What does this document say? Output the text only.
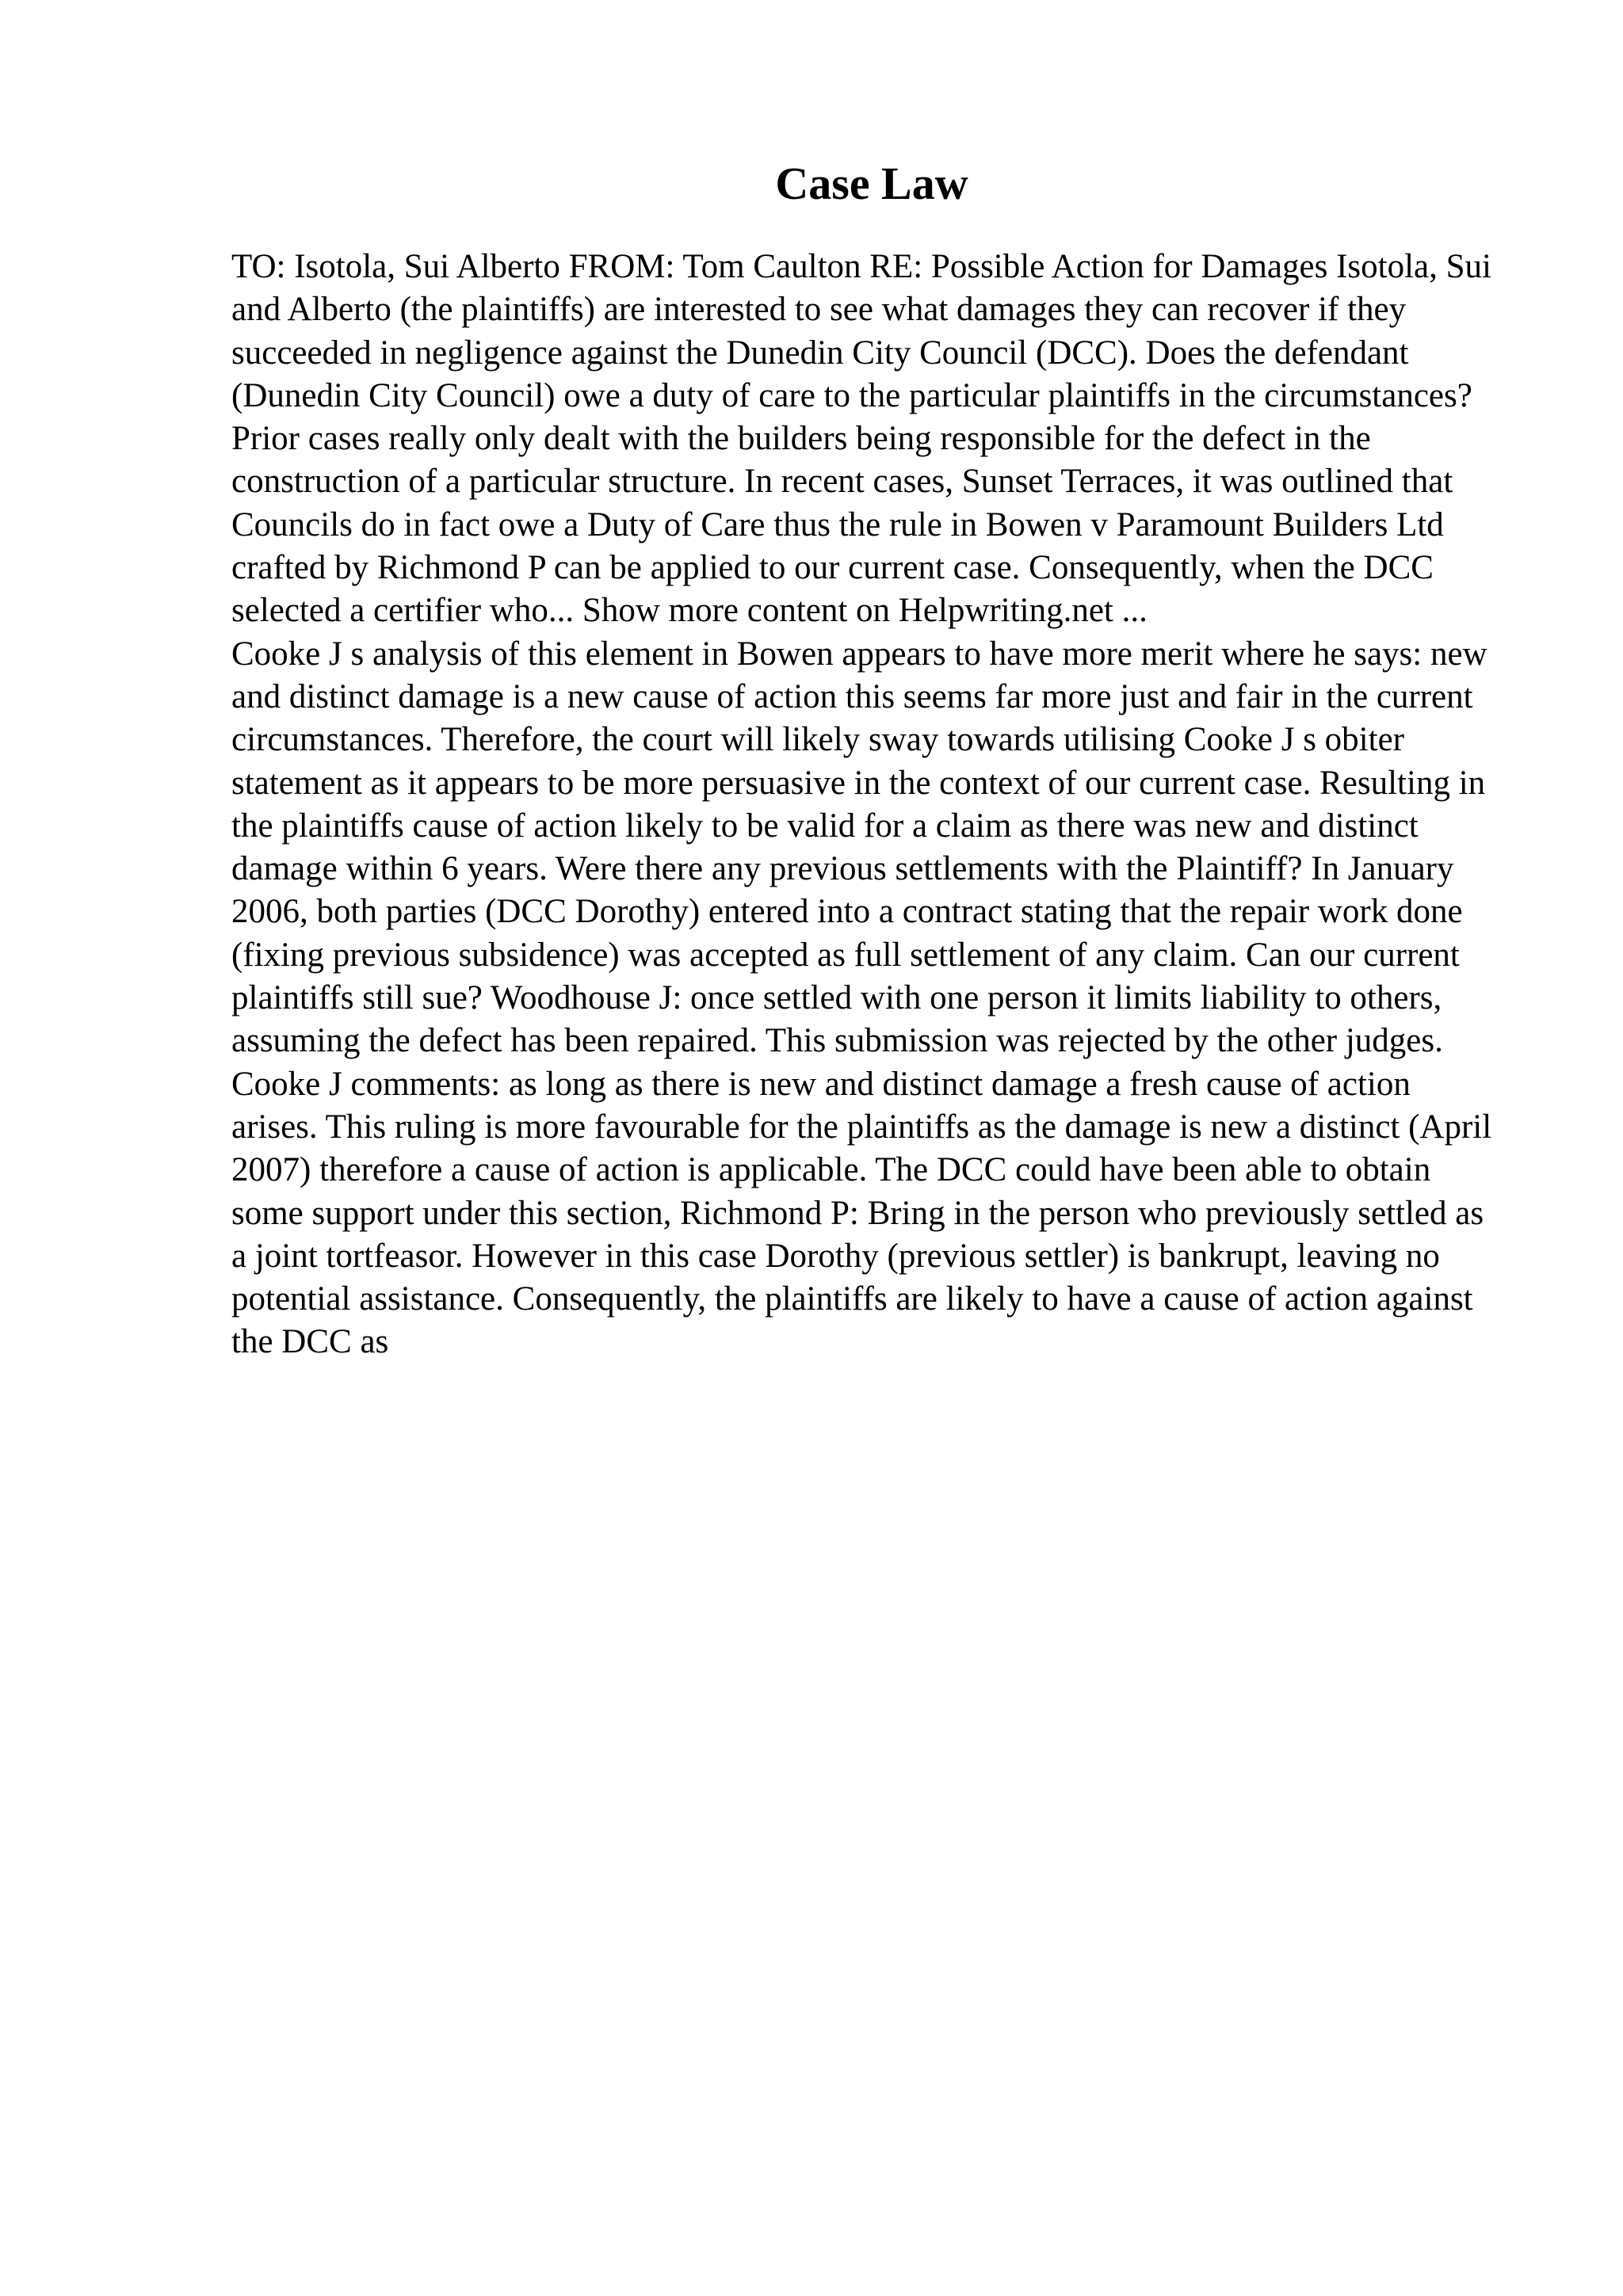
Case Law

TO: Isotola, Sui Alberto FROM: Tom Caulton RE: Possible Action for Damages Isotola, Sui and Alberto (the plaintiffs) are interested to see what damages they can recover if they succeeded in negligence against the Dunedin City Council (DCC). Does the defendant (Dunedin City Council) owe a duty of care to the particular plaintiffs in the circumstances? Prior cases really only dealt with the builders being responsible for the defect in the construction of a particular structure. In recent cases, Sunset Terraces, it was outlined that Councils do in fact owe a Duty of Care thus the rule in Bowen v Paramount Builders Ltd crafted by Richmond P can be applied to our current case. Consequently, when the DCC selected a certifier who... Show more content on Helpwriting.net ...

Cooke J s analysis of this element in Bowen appears to have more merit where he says: new and distinct damage is a new cause of action this seems far more just and fair in the current circumstances. Therefore, the court will likely sway towards utilising Cooke J s obiter statement as it appears to be more persuasive in the context of our current case. Resulting in the plaintiffs cause of action likely to be valid for a claim as there was new and distinct damage within 6 years. Were there any previous settlements with the Plaintiff? In January 2006, both parties (DCC Dorothy) entered into a contract stating that the repair work done (fixing previous subsidence) was accepted as full settlement of any claim. Can our current plaintiffs still sue? Woodhouse J: once settled with one person it limits liability to others, assuming the defect has been repaired. This submission was rejected by the other judges. Cooke J comments: as long as there is new and distinct damage a fresh cause of action arises. This ruling is more favourable for the plaintiffs as the damage is new a distinct (April 2007) therefore a cause of action is applicable. The DCC could have been able to obtain some support under this section, Richmond P: Bring in the person who previously settled as a joint tortfeasor. However in this case Dorothy (previous settler) is bankrupt, leaving no potential assistance. Consequently, the plaintiffs are likely to have a cause of action against the DCC as
